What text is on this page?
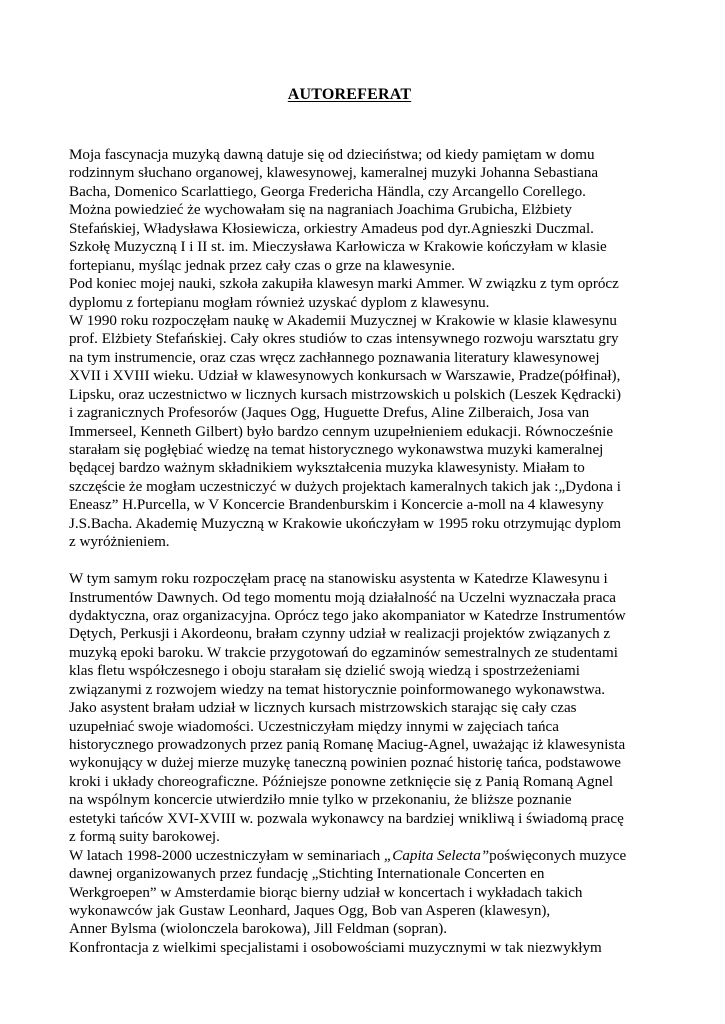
AUTOREFERAT
Moja fascynacja muzyką dawną datuje się od dzieciństwa; od kiedy pamiętam w domu
rodzinnym słuchano organowej, klawesynowej, kameralnej muzyki Johanna Sebastiana
Bacha, Domenico Scarlattiego, Georga Fredericha Händla, czy Arcangello Corellego.
Można powiedzieć że wychowałam się na nagraniach Joachima Grubicha, Elżbiety
Stefańskiej, Władysława Kłosiewicza, orkiestry Amadeus pod dyr.Agnieszki Duczmal.
Szkołę Muzyczną I i II st. im. Mieczysława Karłowicza w Krakowie kończyłam w klasie
fortepianu, myśląc jednak przez cały czas o grze na klawesynie.
Pod koniec mojej nauki, szkoła zakupiła klawesyn marki Ammer. W związku z tym oprócz
dyplomu z fortepianu mogłam również uzyskać dyplom z klawesynu.
W 1990 roku rozpoczęłam naukę w Akademii Muzycznej w Krakowie w klasie klawesynu
prof. Elżbiety Stefańskiej. Cały okres studiów to czas intensywnego rozwoju warsztatu gry
na tym instrumencie, oraz czas wręcz zachłannego poznawania literatury klawesynowej
XVII i XVIII wieku. Udział w klawesynowych konkursach w Warszawie, Pradze(półfinał),
Lipsku, oraz uczestnictwo w licznych kursach mistrzowskich u polskich (Leszek Kędracki)
i zagranicznych Profesorów (Jaques Ogg, Huguette Drefus, Aline Zilberaich, Josa van
Immerseel, Kenneth Gilbert) było bardzo cennym uzupełnieniem edukacji. Równocześnie
starałam się pogłębiać wiedzę na temat historycznego wykonawstwa muzyki kameralnej
będącej bardzo ważnym składnikiem wykształcenia muzyka klawesynisty. Miałam to
szczęście że mogłam uczestniczyć w dużych projektach kameralnych takich jak :„Dydona i
Eneasz” H.Purcella, w V Koncercie Brandenburskim i Koncercie a-moll na 4 klawesyny
J.S.Bacha. Akademię Muzyczną w Krakowie ukończyłam w 1995 roku otrzymując dyplom
z wyróżnieniem.
W tym samym roku rozpoczęłam pracę na stanowisku asystenta w Katedrze Klawesynu i
Instrumentów Dawnych. Od tego momentu moją działalność na Uczelni wyznaczała praca
dydaktyczna, oraz organizacyjna. Oprócz tego jako akompaniator w Katedrze Instrumentów
Dętych, Perkusji i Akordeonu, brałam czynny udział w realizacji projektów związanych z
muzyką epoki baroku. W trakcie przygotowań do egzaminów semestralnych ze studentami
klas fletu współczesnego i oboju starałam się dzielić swoją wiedzą i spostrzeżeniami
związanymi z rozwojem wiedzy na temat historycznie poinformowanego wykonawstwa.
Jako asystent brałam udział w licznych kursach mistrzowskich starając się cały czas
uzupełniać swoje wiadomości. Uczestniczyłam między innymi w zajęciach tańca
historycznego prowadzonych przez panią Romanę Maciug-Agnel, uważając iż klawesynista
wykonujący w dużej mierze muzykę taneczną powinien poznać historię tańca, podstawowe
kroki i układy choreograficzne. Późniejsze ponowne zetknięcie się z Panią Romaną Agnel
na wspólnym koncercie utwierdziło mnie tylko w przekonaniu, że bliższe poznanie
estetyki tańców XVI-XVIII w. pozwala wykonawcy na bardziej wnikliwą i świadomą pracę
z formą suity barokowej.
W latach 1998-2000 uczestniczyłam w seminariach „Capita Selecta”poświęconych muzyce
dawnej organizowanych przez fundację „Stichting Internationale Concerten en
Werkgroepen” w Amsterdamie biorąc bierny udział w koncertach i wykładach takich
wykonawców jak Gustaw Leonhard, Jaques Ogg, Bob van Asperen (klawesyn),
Anner Bylsma (wiolonczela barokowa), Jill Feldman (sopran).
Konfrontacja z wielkimi specjalistami i osobowościami muzycznymi w tak niezwykłym
